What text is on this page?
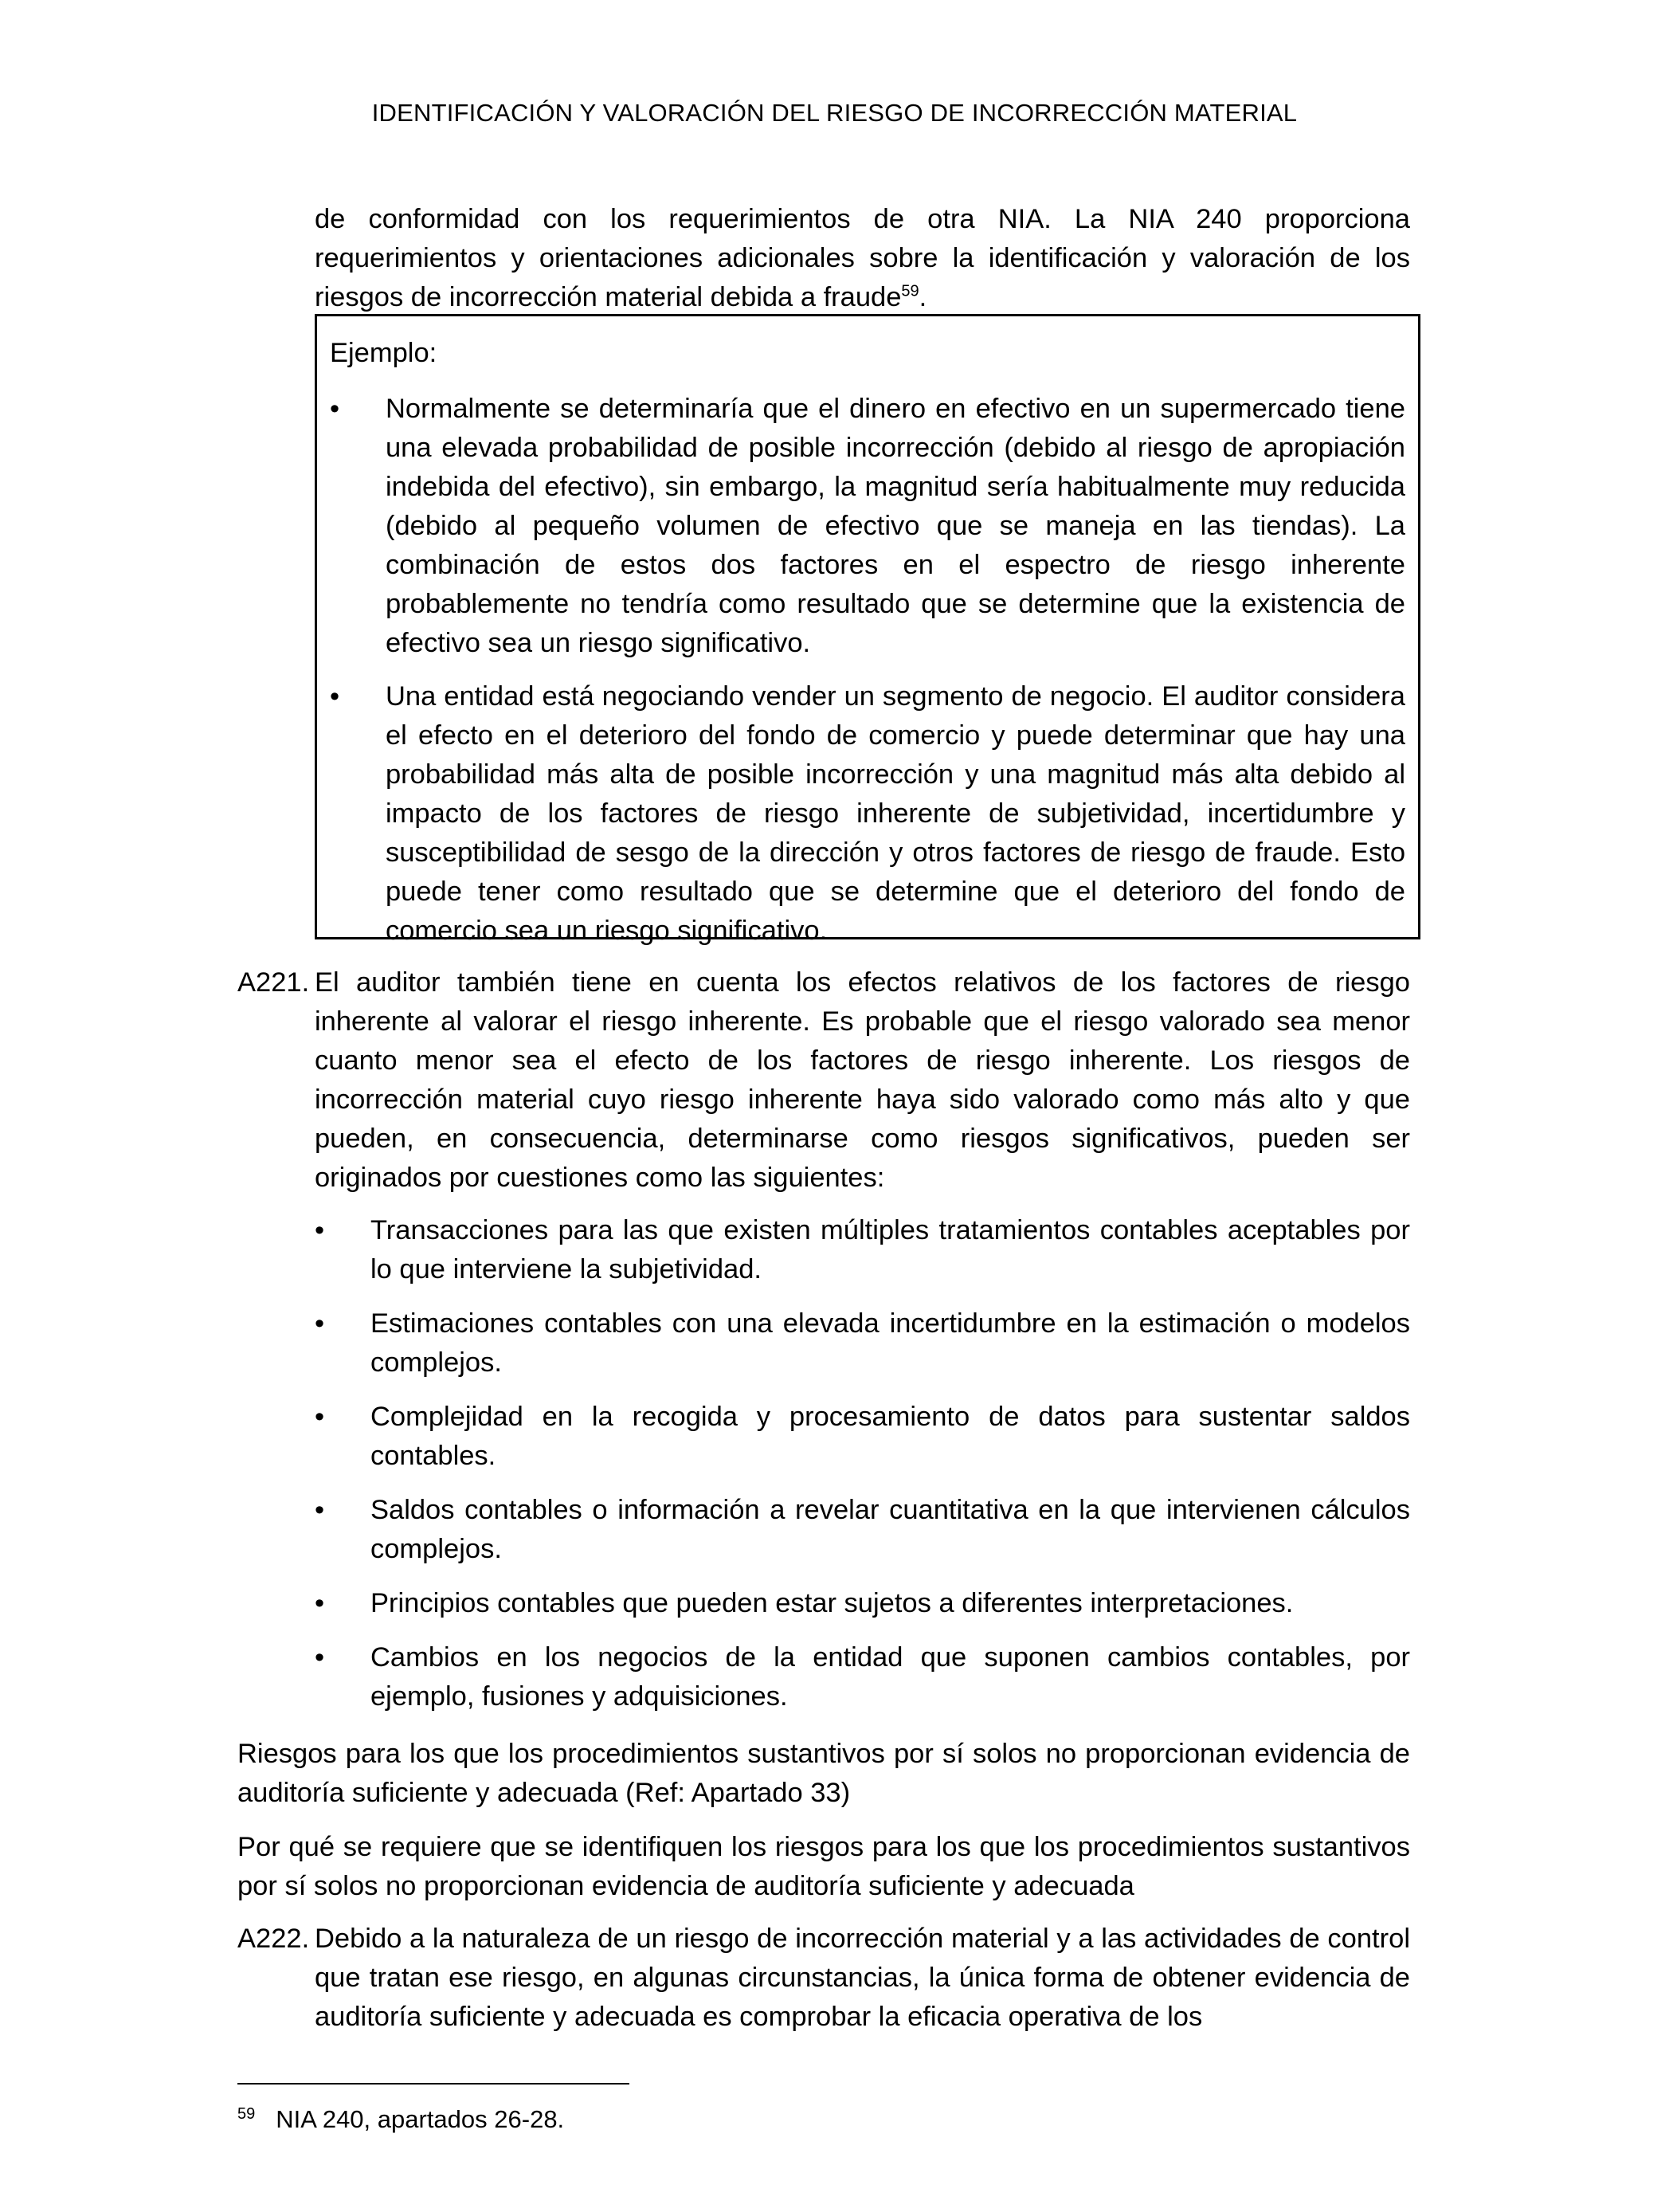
IDENTIFICACIÓN Y VALORACIÓN DEL RIESGO DE INCORRECCIÓN MATERIAL
de conformidad con los requerimientos de otra NIA. La NIA 240 proporciona requerimientos y orientaciones adicionales sobre la identificación y valoración de los riesgos de incorrección material debida a fraude$^{59}$.
Ejemplo:
• Normalmente se determinaría que el dinero en efectivo en un supermercado tiene una elevada probabilidad de posible incorrección (debido al riesgo de apropiación indebida del efectivo), sin embargo, la magnitud sería habitualmente muy reducida (debido al pequeño volumen de efectivo que se maneja en las tiendas). La combinación de estos dos factores en el espectro de riesgo inherente probablemente no tendría como resultado que se determine que la existencia de efectivo sea un riesgo significativo.
• Una entidad está negociando vender un segmento de negocio. El auditor considera el efecto en el deterioro del fondo de comercio y puede determinar que hay una probabilidad más alta de posible incorrección y una magnitud más alta debido al impacto de los factores de riesgo inherente de subjetividad, incertidumbre y susceptibilidad de sesgo de la dirección y otros factores de riesgo de fraude. Esto puede tener como resultado que se determine que el deterioro del fondo de comercio sea un riesgo significativo.
A221. El auditor también tiene en cuenta los efectos relativos de los factores de riesgo inherente al valorar el riesgo inherente. Es probable que el riesgo valorado sea menor cuanto menor sea el efecto de los factores de riesgo inherente. Los riesgos de incorrección material cuyo riesgo inherente haya sido valorado como más alto y que pueden, en consecuencia, determinarse como riesgos significativos, pueden ser originados por cuestiones como las siguientes:
• Transacciones para las que existen múltiples tratamientos contables aceptables por lo que interviene la subjetividad.
• Estimaciones contables con una elevada incertidumbre en la estimación o modelos complejos.
• Complejidad en la recogida y procesamiento de datos para sustentar saldos contables.
• Saldos contables o información a revelar cuantitativa en la que intervienen cálculos complejos.
• Principios contables que pueden estar sujetos a diferentes interpretaciones.
• Cambios en los negocios de la entidad que suponen cambios contables, por ejemplo, fusiones y adquisiciones.
Riesgos para los que los procedimientos sustantivos por sí solos no proporcionan evidencia de auditoría suficiente y adecuada (Ref: Apartado 33)
Por qué se requiere que se identifiquen los riesgos para los que los procedimientos sustantivos por sí solos no proporcionan evidencia de auditoría suficiente y adecuada
A222. Debido a la naturaleza de un riesgo de incorrección material y a las actividades de control que tratan ese riesgo, en algunas circunstancias, la única forma de obtener evidencia de auditoría suficiente y adecuada es comprobar la eficacia operativa de los
$^{59}$ NIA 240, apartados 26-28.
